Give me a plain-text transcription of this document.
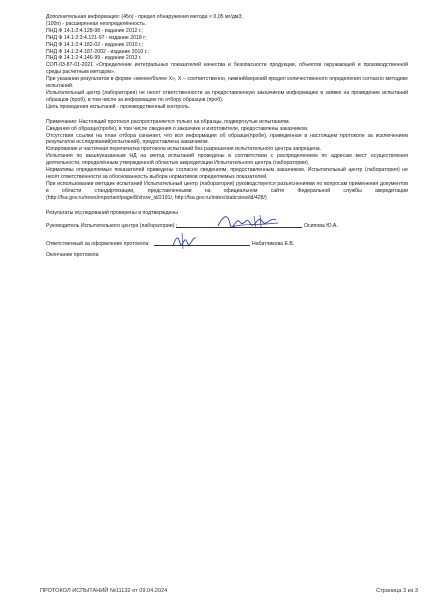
Дополнительная информация: (45n) - предел обнаружения метода < 0,05 мг/дм3;
(100n) - расширенная неопределённость.
ПНД Ф 14.1:2:4.128-98 - издание 2012 г.;
ПНД Ф 14.1:2:3:4.121-97 - издание 2018 г;
ПНД Ф 14.1:2:4.182-02 - издание 2010 г.;
ПНД Ф 14.1:2:4.187-2002 - издание 2010 г.;
ПНД Ф 14.1:2:4.146-99 - издание 2013 г.
СОП-03-87-01-2021 «Определение интегральных показателей качества и безопасности продукции, объектов окружающей и производственной среды расчетным методом».
При указании результатов в форме «менее/более X», X – соответственно, нижний/верхний предел количественного определения согласно методике испытаний.
Испытательный центр (лаборатория) не несет ответственности за предоставленную заказчиком информацию в заявке на проведение испытаний образцов (проб), в том числе за информацию по отбору образцов (проб).
Цель проведения испытаний - производственный контроль.
Примечание: Настоящий протокол распространяется только на образцы, подвергнутые испытаниям.
Сведения об образце(пробе), в том числе сведения о заказчике и изготовителе, предоставлены заказчиком.
Отсутствия ссылки на план отбора означает, что вся информация об образце(пробе), приведенная в настоящем протоколе за исключением результатов исследований(испытаний), предоставлена заказчиком.
Копирование и частичная перепечатка протокола испытаний без разрешения испытательного центра запрещена.
Испытания по вышеуказанным НД на метод испытаний проведены в соответствии с распределением по адресам мест осуществления деятельности, определённым утвержденной областью аккредитации Испытательного центра (лаборатории).
Нормативы определяемых показателей приведены согласно сведениям, предоставленным заказчиком. Испытательный центр (лаборатория) не несёт ответственности за обоснованность выбора нормативов определяемых показателей.
При использовании методик испытаний Испытательный центр (лаборатория) руководствуется разъяснениями по вопросам применения документов в области стандартизации, представленными на официальном сайте Федеральной службы аккредитации (http://fsa.gov.ru/news/important/page/8/show_id/2191/, http://fsa.gov.ru/index/staticview/id/428/)
Результаты исследований проверены и подтверждены
Руководитель Испытательного центра (лаборатории) :	Осипова Ю.А.
Ответственный за оформление протокола:	Набатчикова Е.В.
Окончание протокола
ПРОТОКОЛ ИСПЫТАНИЙ №11132 от 09.04.2024	Страница 3 из 3
